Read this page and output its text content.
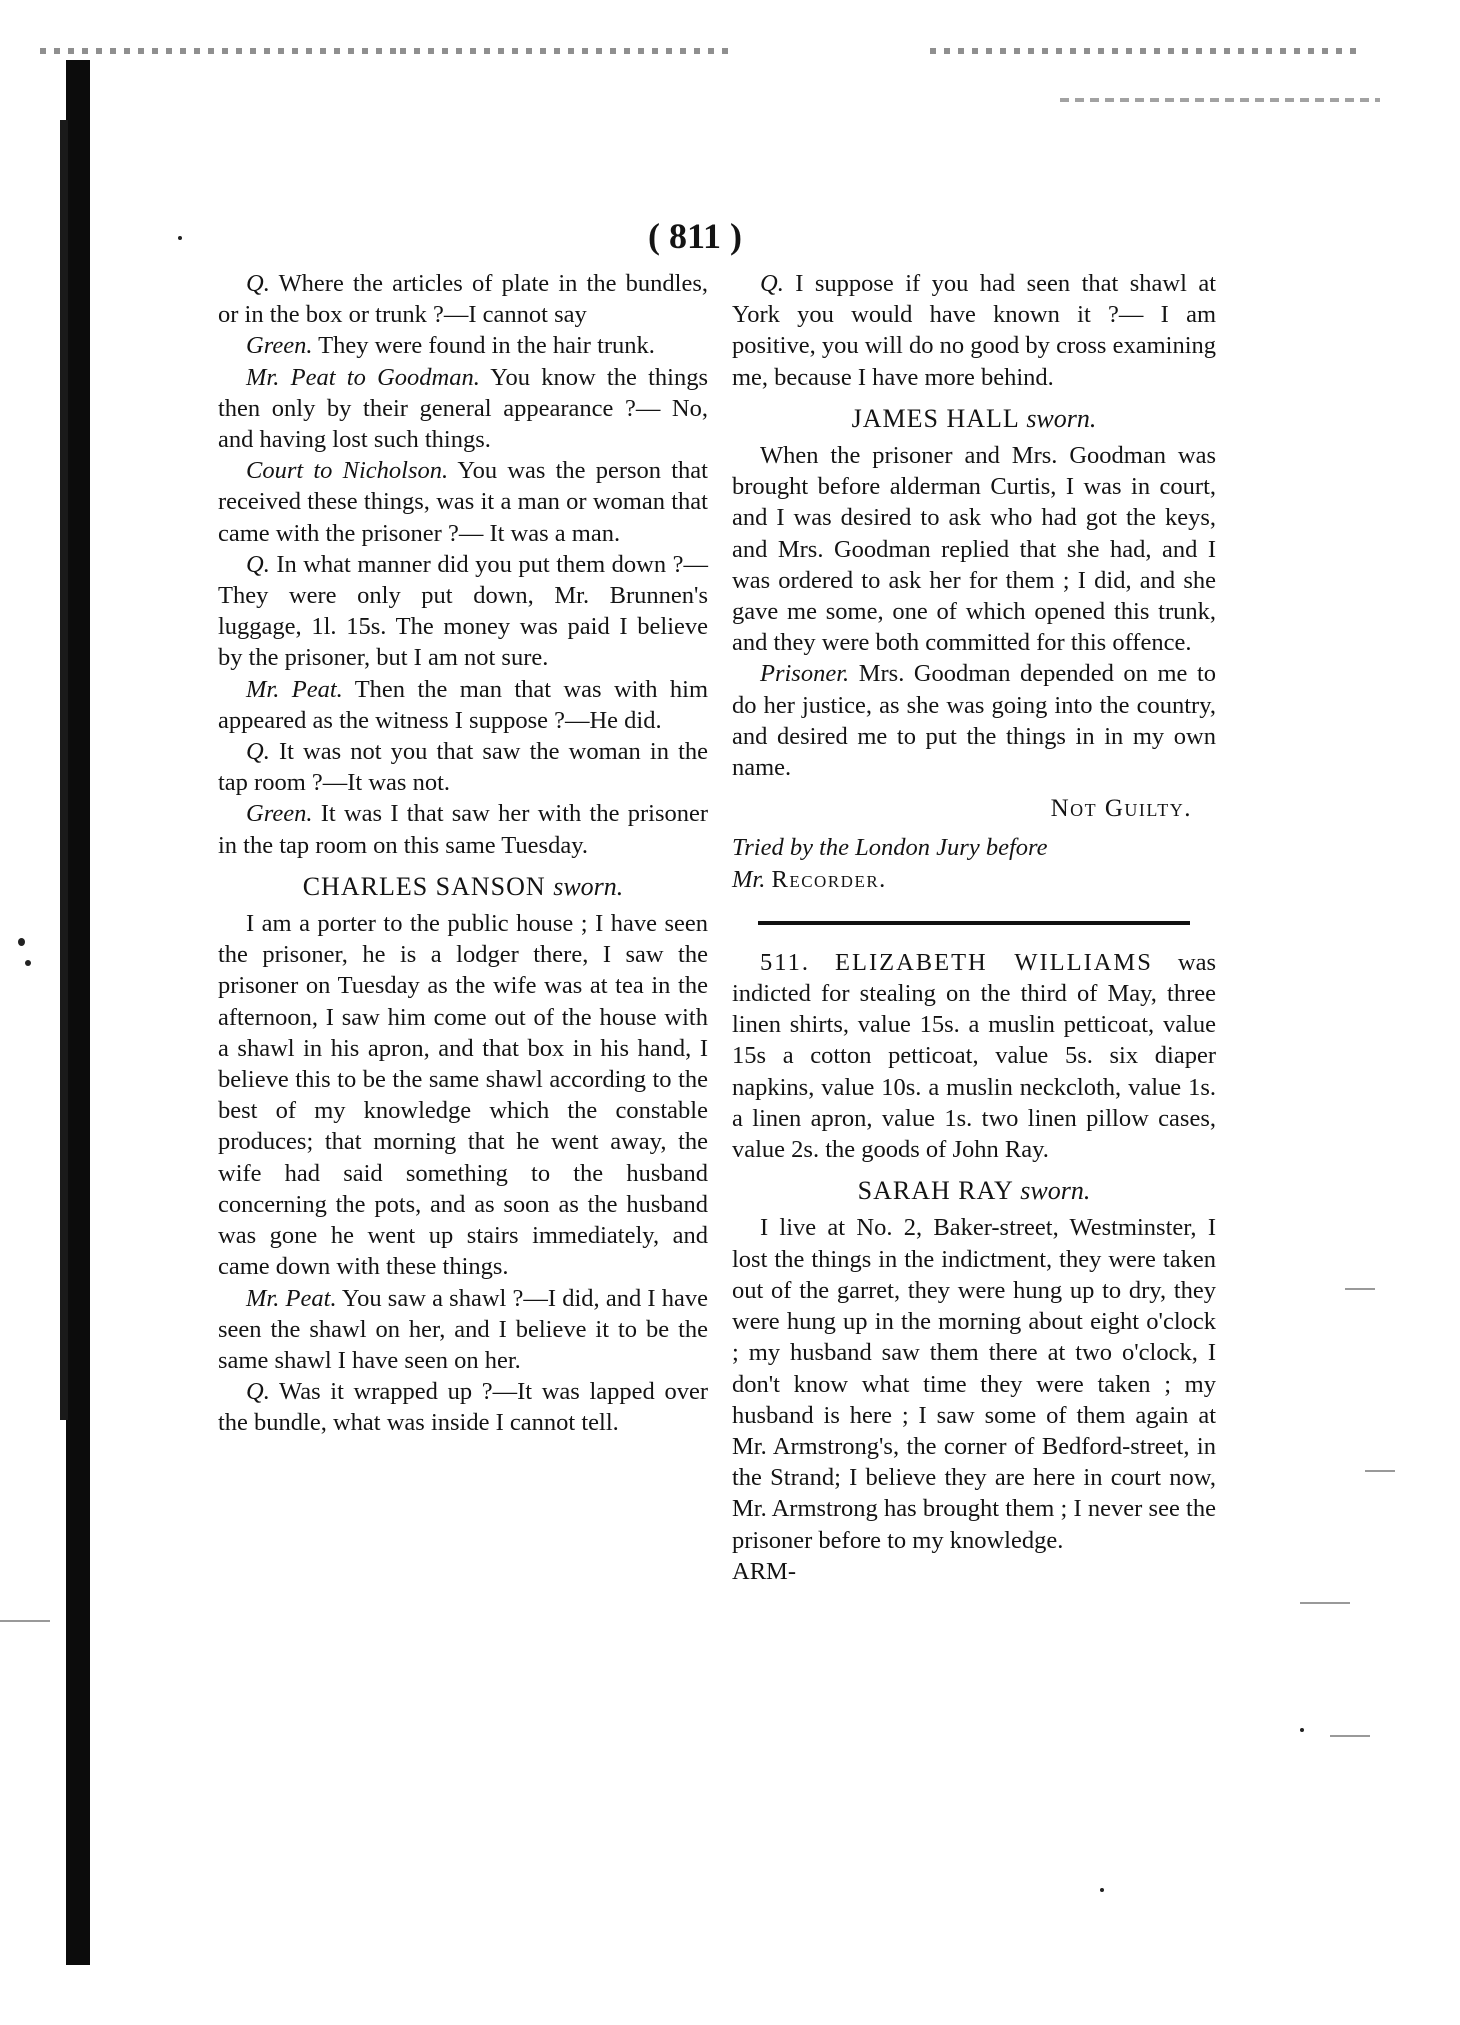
( 811 )

Q. Where the articles of plate in the bundles, or in the box or trunk ?—I cannot say

Green. They were found in the hair trunk.

Mr. Peat to Goodman. You know the things then only by their general appearance ?— No, and having lost such things.

Court to Nicholson. You was the person that received these things, was it a man or woman that came with the prisoner ?— It was a man.

Q. In what manner did you put them down ?— They were only put down, Mr. Brunnen's luggage, 1l. 15s. The money was paid I believe by the prisoner, but I am not sure.

Mr. Peat. Then the man that was with him appeared as the witness I suppose ?—He did.

Q. It was not you that saw the woman in the tap room ?—It was not.

Green. It was I that saw her with the prisoner in the tap room on this same Tuesday.

CHARLES SANSON sworn.

I am a porter to the public house ; I have seen the prisoner, he is a lodger there, I saw the prisoner on Tuesday as the wife was at tea in the afternoon, I saw him come out of the house with a shawl in his apron, and that box in his hand, I believe this to be the same shawl according to the best of my knowledge which the constable produces; that morning that he went away, the wife had said something to the husband concerning the pots, and as soon as the husband was gone he went up stairs immediately, and came down with these things.

Mr. Peat. You saw a shawl ?—I did, and I have seen the shawl on her, and I believe it to be the same shawl I have seen on her.

Q. Was it wrapped up ?—It was lapped over the bundle, what was inside I cannot tell.

Q. I suppose if you had seen that shawl at York you would have known it ?— I am positive, you will do no good by cross examining me, because I have more behind.

JAMES HALL sworn.

When the prisoner and Mrs. Goodman was brought before alderman Curtis, I was in court, and I was desired to ask who had got the keys, and Mrs. Goodman replied that she had, and I was ordered to ask her for them ; I did, and she gave me some, one of which opened this trunk, and they were both committed for this offence.

Prisoner. Mrs. Goodman depended on me to do her justice, as she was going into the country, and desired me to put the things in in my own name.

Not Guilty.

Tried by the London Jury before

Mr. Recorder.

511. ELIZABETH WILLIAMS was indicted for stealing on the third of May, three linen shirts, value 15s. a muslin petticoat, value 15s a cotton petticoat, value 5s. six diaper napkins, value 10s. a muslin neckcloth, value 1s. a linen apron, value 1s. two linen pillow cases, value 2s. the goods of John Ray.

SARAH RAY sworn.

I live at No. 2, Baker-street, Westminster, I lost the things in the indictment, they were taken out of the garret, they were hung up to dry, they were hung up in the morning about eight o'clock ; my husband saw them there at two o'clock, I don't know what time they were taken ; my husband is here ; I saw some of them again at Mr. Armstrong's, the corner of Bedford-street, in the Strand; I believe they are here in court now, Mr. Armstrong has brought them ; I never see the prisoner before to my knowledge.

ARM-
